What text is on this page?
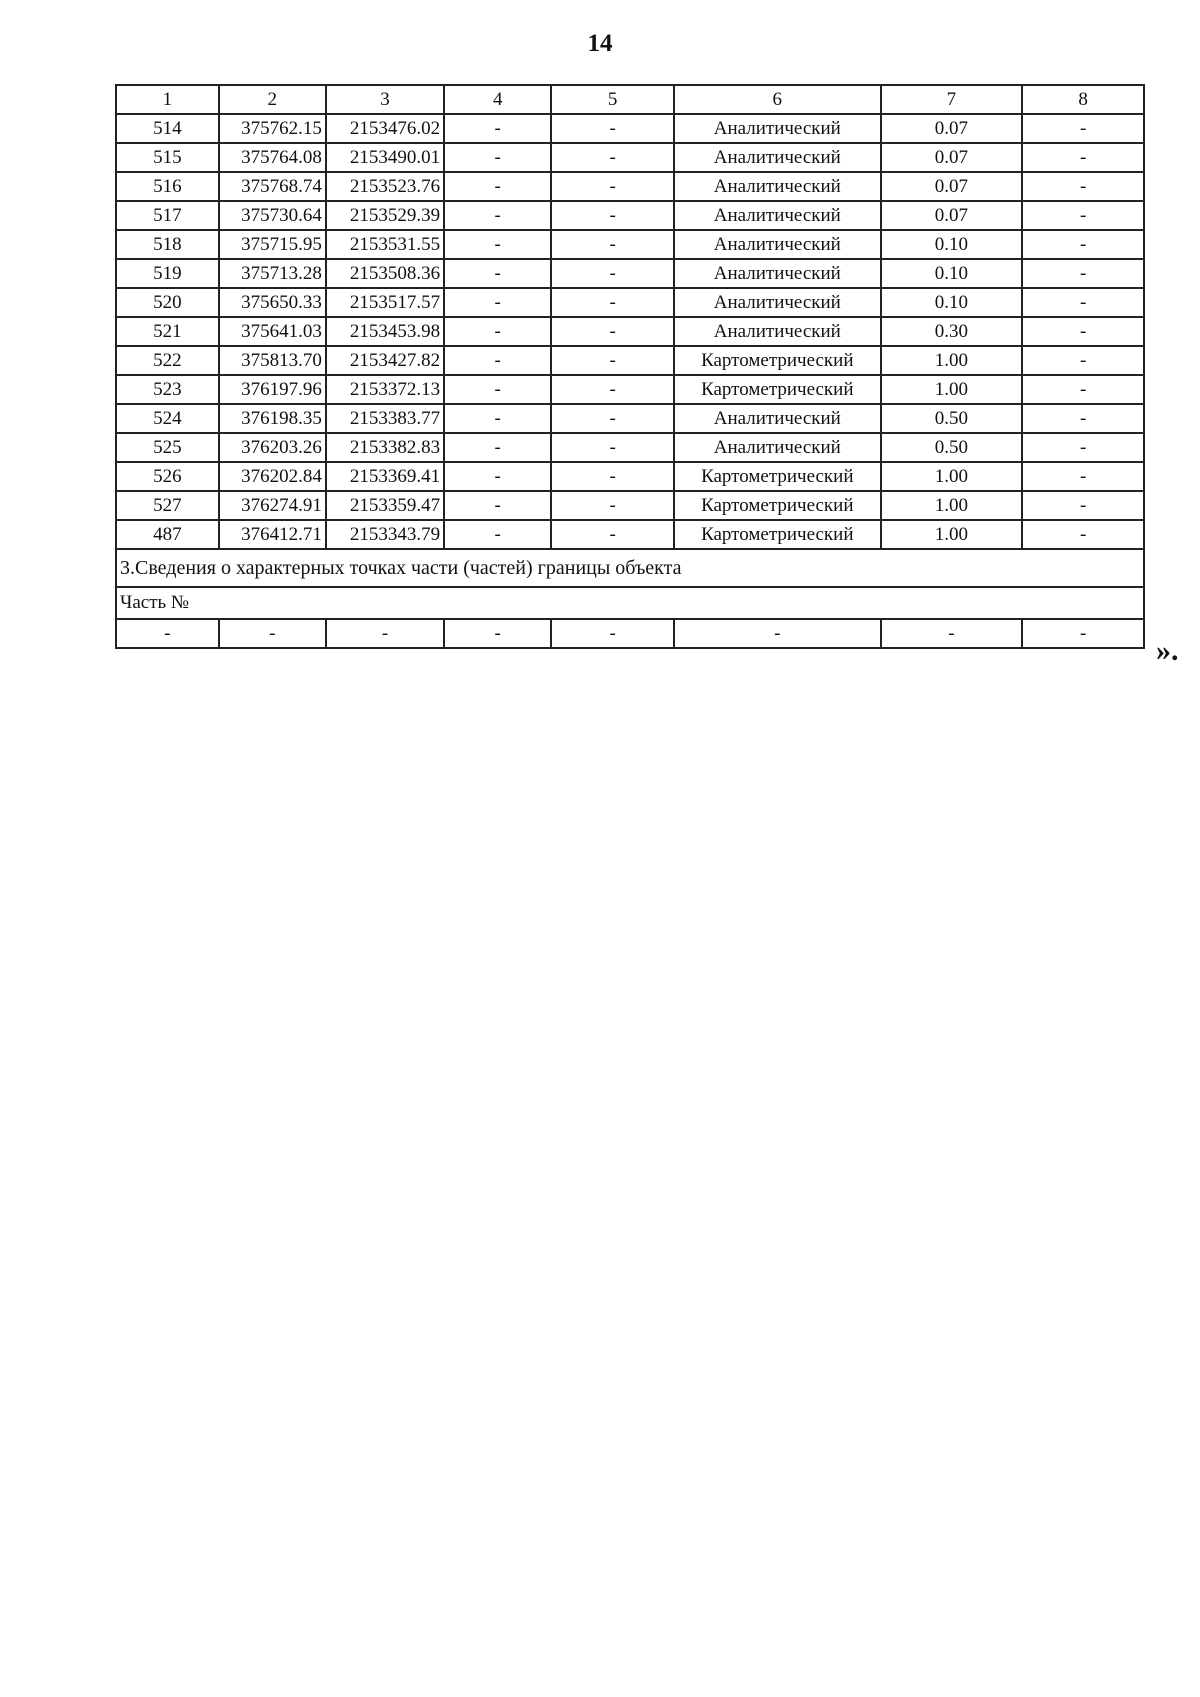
14
1	2	3	4	5	6	7	8
514	375762.15	2153476.02	-	-	Аналитический	0.07	-
515	375764.08	2153490.01	-	-	Аналитический	0.07	-
516	375768.74	2153523.76	-	-	Аналитический	0.07	-
517	375730.64	2153529.39	-	-	Аналитический	0.07	-
518	375715.95	2153531.55	-	-	Аналитический	0.10	-
519	375713.28	2153508.36	-	-	Аналитический	0.10	-
520	375650.33	2153517.57	-	-	Аналитический	0.10	-
521	375641.03	2153453.98	-	-	Аналитический	0.30	-
522	375813.70	2153427.82	-	-	Картометрический	1.00	-
523	376197.96	2153372.13	-	-	Картометрический	1.00	-
524	376198.35	2153383.77	-	-	Аналитический	0.50	-
525	376203.26	2153382.83	-	-	Аналитический	0.50	-
526	376202.84	2153369.41	-	-	Картометрический	1.00	-
527	376274.91	2153359.47	-	-	Картометрический	1.00	-
487	376412.71	2153343.79	-	-	Картометрический	1.00	-
3.Сведения о характерных точках части (частей) границы объекта							
Часть №							
-	-	-	-	-	-	-	-
».
